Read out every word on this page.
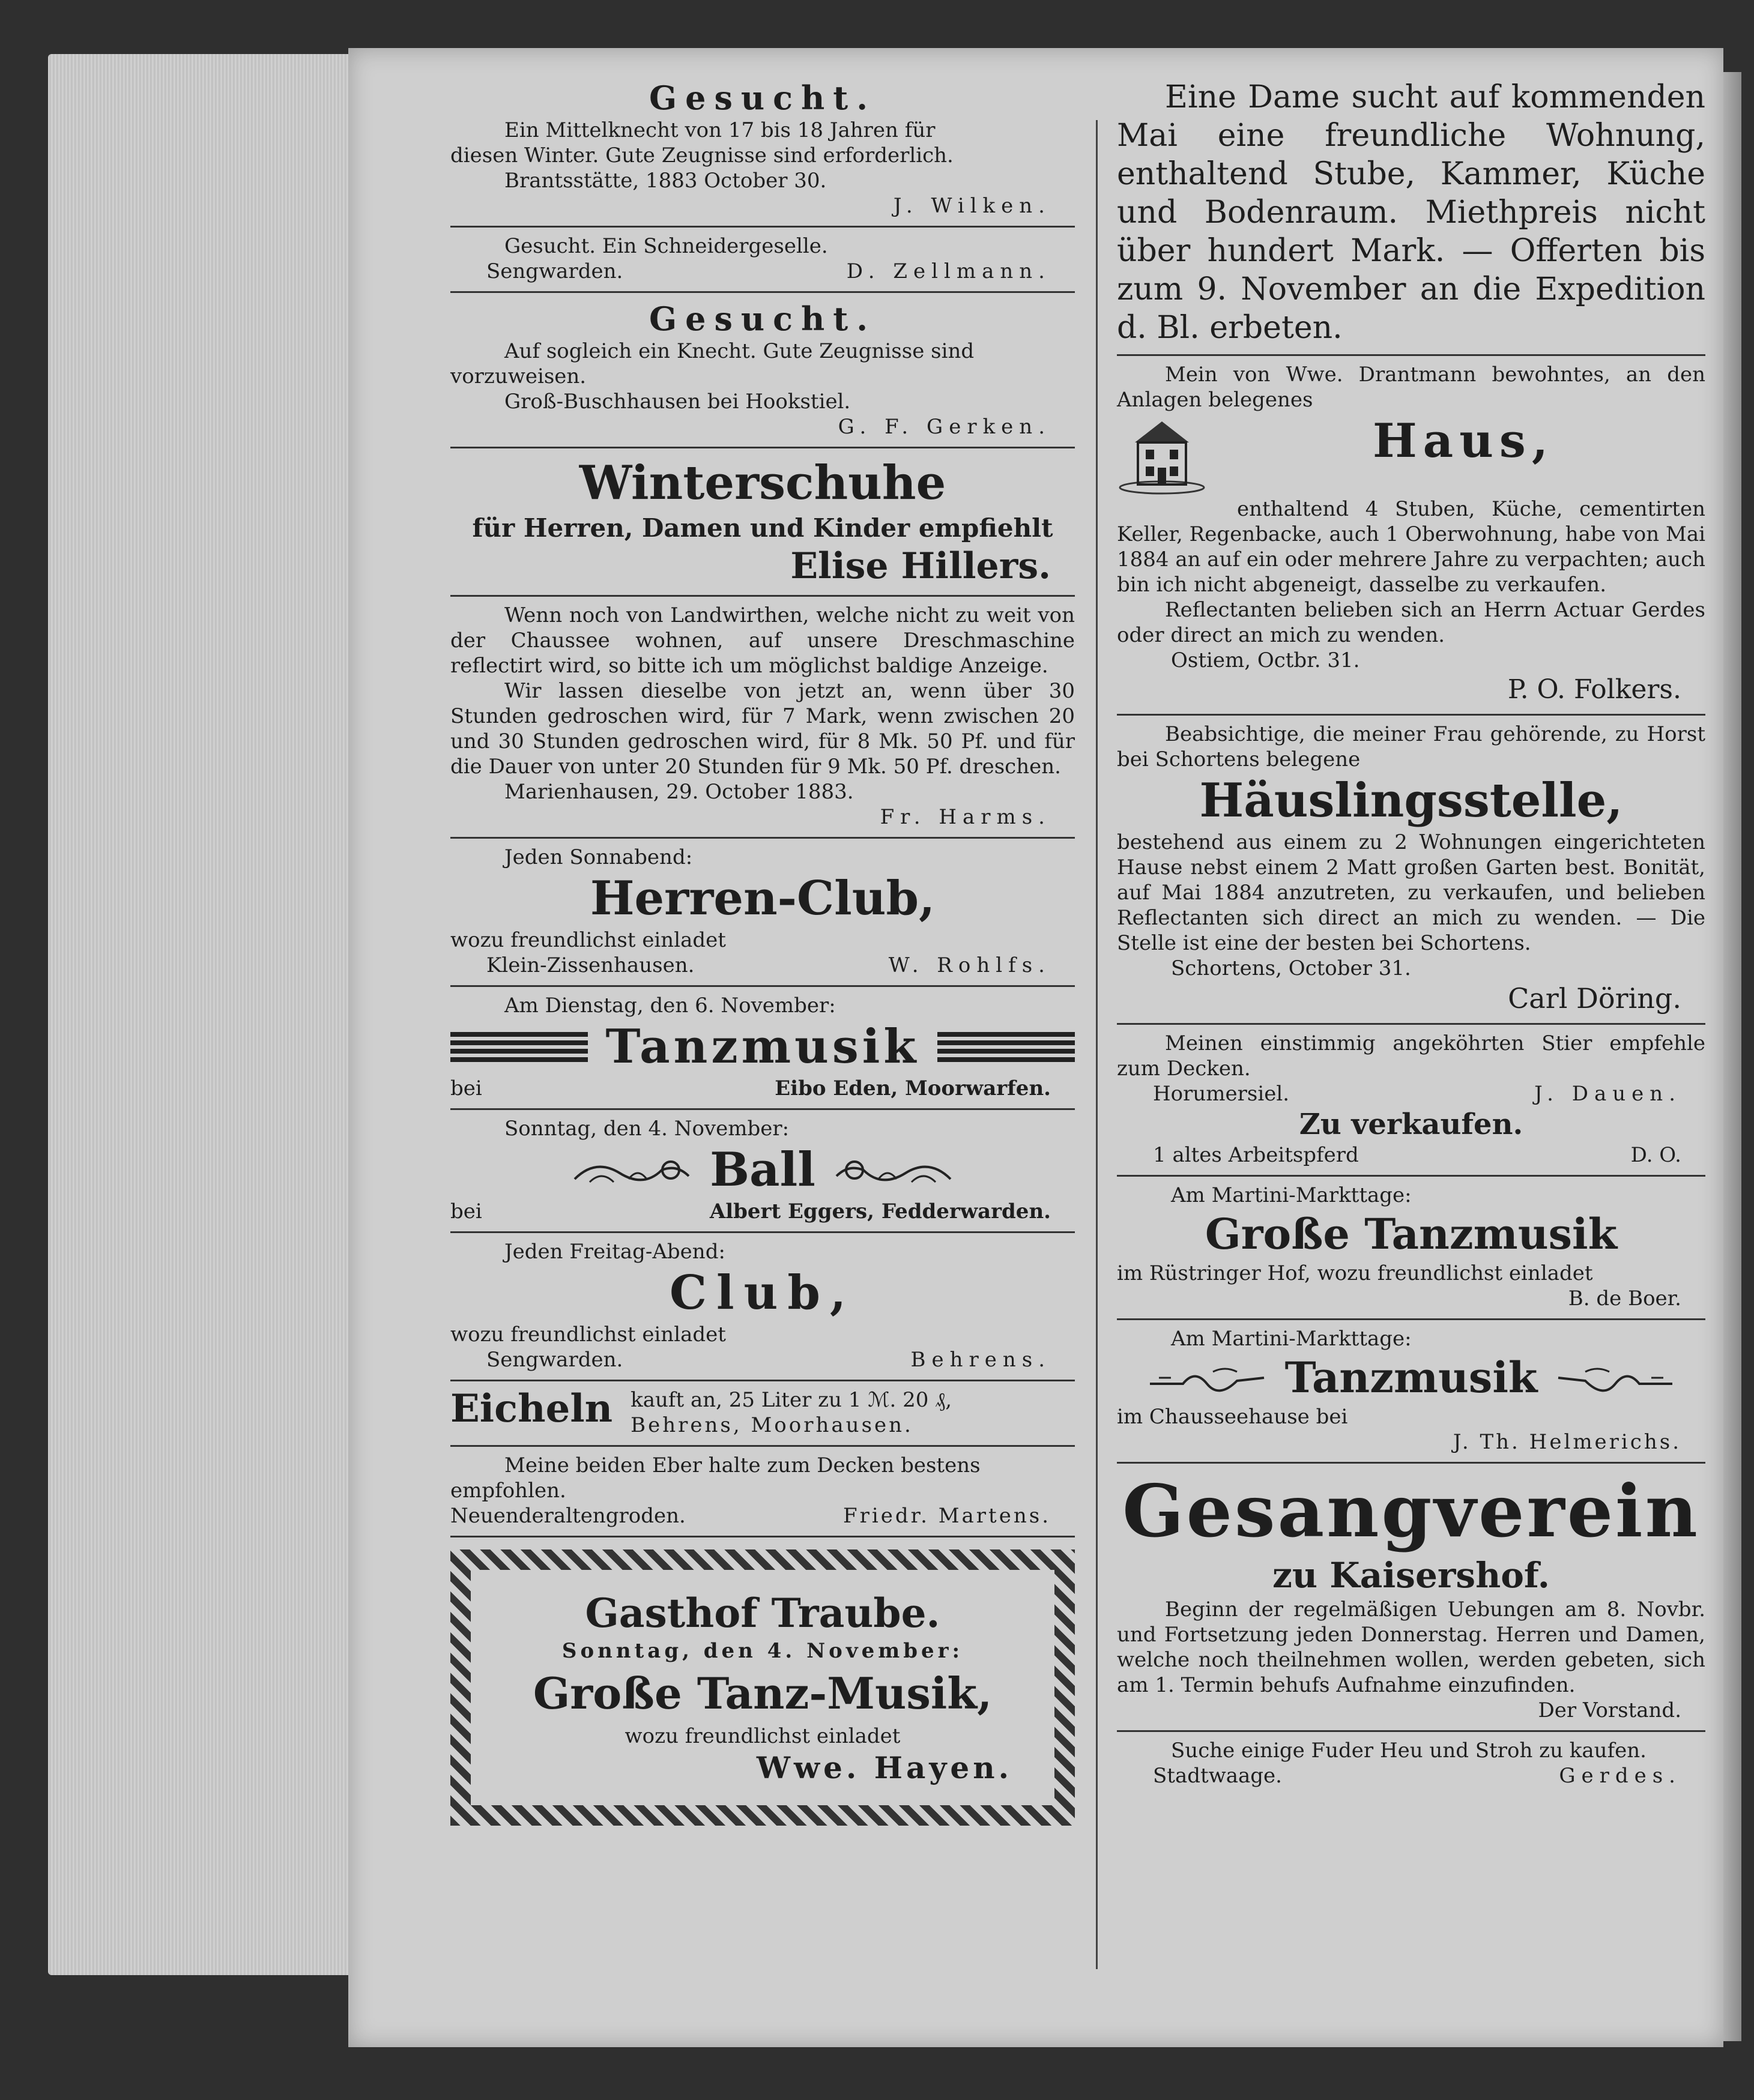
Gesucht.
Ein Mittelknecht von 17 bis 18 Jahren für
diesen Winter. Gute Zeugnisse sind erforderlich.
Brantsstätte, 1883 October 30.
J. Wilken.
Gesucht. Ein Schneidergeselle.
Sengwarden.	D. Zellmann.
Gesucht.
Auf sogleich ein Knecht. Gute Zeugnisse sind
vorzuweisen.
Groß-Buschhausen bei Hookstiel.
G. F. Gerken.
Winterschuhe
für Herren, Damen und Kinder empfiehlt
Elise Hillers.
Wenn noch von Landwirthen, welche nicht zu weit von der Chaussee wohnen, auf unsere Dreschmaschine reflectirt wird, so bitte ich um möglichst baldige Anzeige.
Wir lassen dieselbe von jetzt an, wenn über 30 Stunden gedroschen wird, für 7 Mark, wenn zwischen 20 und 30 Stunden gedroschen wird, für 8 Mk. 50 Pf. und für die Dauer von unter 20 Stunden für 9 Mk. 50 Pf. dreschen.
Marienhausen, 29. October 1883.
Fr. Harms.
Jeden Sonnabend:
Herren-Club,
wozu freundlichst einladet
Klein-Zissenhausen.	W. Rohlfs.
Am Dienstag, den 6. November:
Tanzmusik
bei	Eibo Eden, Moorwarfen.
Sonntag, den 4. November:
Ball
bei	Albert Eggers, Fedderwarden.
Jeden Freitag-Abend:
Club,
wozu freundlichst einladet
Sengwarden.	Behrens.
Eicheln kauft an, 25 Liter zu 1 ℳ. 20 ₰,
Behrens, Moorhausen.
Meine beiden Eber halte zum Decken bestens
empfohlen.
Neuenderaltengroden.	Friedr. Martens.
Gasthof Traube.
Sonntag, den 4. November:
Große Tanz-Musik,
wozu freundlichst einladet
Wwe. Hayen.
Eine Dame sucht auf kommenden Mai eine freundliche Wohnung, enthaltend Stube, Kammer, Küche und Bodenraum. Miethpreis nicht über hundert Mark. — Offerten bis zum 9. November an die Expedition d. Bl. erbeten.
Mein von Wwe. Drantmann bewohntes, an den Anlagen belegenes
Haus,
enthaltend 4 Stuben, Küche, cementirten Keller, Regenbacke, auch 1 Oberwohnung, habe von Mai 1884 an auf ein oder mehrere Jahre zu verpachten; auch bin ich nicht abgeneigt, dasselbe zu verkaufen.
Reflectanten belieben sich an Herrn Actuar Gerdes oder direct an mich zu wenden.
Ostiem, Octbr. 31.
P. O. Folkers.
Beabsichtige, die meiner Frau gehörende, zu Horst bei Schortens belegene
Häuslingsstelle,
bestehend aus einem zu 2 Wohnungen eingerichteten Hause nebst einem 2 Matt großen Garten best. Bonität, auf Mai 1884 anzutreten, zu verkaufen, und belieben Reflectanten sich direct an mich zu wenden. — Die Stelle ist eine der besten bei Schortens.
Schortens, October 31.
Carl Döring.
Meinen einstimmig angeköhrten Stier empfehle zum Decken.
Horumersiel.	J. Dauen.
Zu verkaufen.
1 altes Arbeitspferd	D. O.
Am Martini-Markttage:
Große Tanzmusik
im Rüstringer Hof, wozu freundlichst einladet
B. de Boer.
Am Martini-Markttage:
Tanzmusik
im Chausseehause bei
J. Th. Helmerichs.
Gesangverein
zu Kaisershof.
Beginn der regelmäßigen Uebungen am 8. Novbr. und Fortsetzung jeden Donnerstag. Herren und Damen, welche noch theilnehmen wollen, werden gebeten, sich am 1. Termin behufs Aufnahme einzufinden.
Der Vorstand.
Suche einige Fuder Heu und Stroh zu kaufen.
Stadtwaage.	Gerdes.
